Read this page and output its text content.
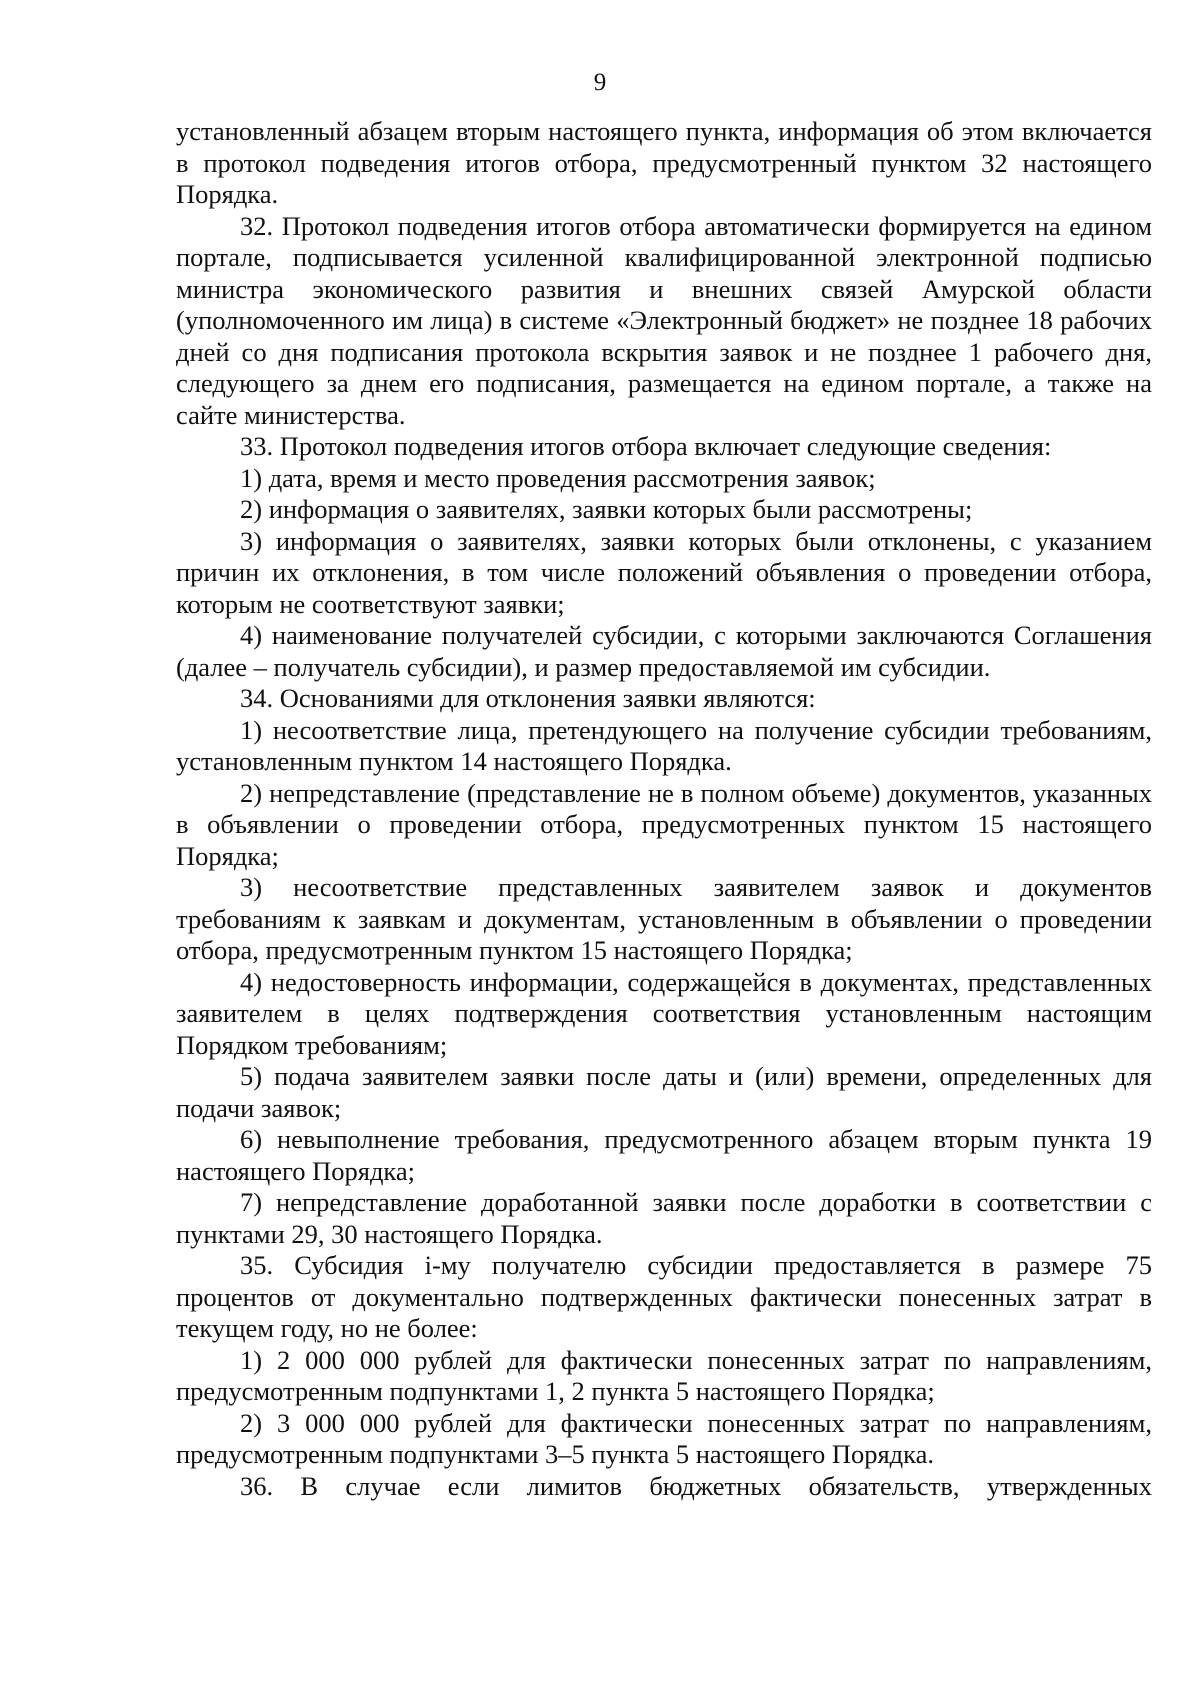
9

установленный абзацем вторым настоящего пункта, информация об этом включается в протокол подведения итогов отбора, предусмотренный пунктом 32 настоящего Порядка.

32. Протокол подведения итогов отбора автоматически формируется на едином портале, подписывается усиленной квалифицированной электронной подписью министра экономического развития и внешних связей Амурской области (уполномоченного им лица) в системе «Электронный бюджет» не позднее 18 рабочих дней со дня подписания протокола вскрытия заявок и не позднее 1 рабочего дня, следующего за днем его подписания, размещается на едином портале, а также на сайте министерства.

33. Протокол подведения итогов отбора включает следующие сведения:

1) дата, время и место проведения рассмотрения заявок;

2) информация о заявителях, заявки которых были рассмотрены;

3) информация о заявителях, заявки которых были отклонены, с указанием причин их отклонения, в том числе положений объявления о проведении отбора, которым не соответствуют заявки;

4) наименование получателей субсидии, с которыми заключаются Соглашения (далее – получатель субсидии), и размер предоставляемой им субсидии.

34. Основаниями для отклонения заявки являются:

1) несоответствие лица, претендующего на получение субсидии требованиям, установленным пунктом 14 настоящего Порядка.

2) непредставление (представление не в полном объеме) документов, указанных в объявлении о проведении отбора, предусмотренных пунктом 15 настоящего Порядка;

3) несоответствие представленных заявителем заявок и документов требованиям к заявкам и документам, установленным в объявлении о проведении отбора, предусмотренным пунктом 15 настоящего Порядка;

4) недостоверность информации, содержащейся в документах, представленных заявителем в целях подтверждения соответствия установленным настоящим Порядком требованиям;

5) подача заявителем заявки после даты и (или) времени, определенных для подачи заявок;

6) невыполнение требования, предусмотренного абзацем вторым пункта 19 настоящего Порядка;

7) непредставление доработанной заявки после доработки в соответствии с пунктами 29, 30 настоящего Порядка.

35. Субсидия i-му получателю субсидии предоставляется в размере 75 процентов от документально подтвержденных фактически понесенных затрат в текущем году, но не более:

1) 2 000 000 рублей для фактически понесенных затрат по направлениям, предусмотренным подпунктами 1, 2 пункта 5 настоящего Порядка;

2) 3 000 000 рублей для фактически понесенных затрат по направлениям, предусмотренным подпунктами 3–5 пункта 5 настоящего Порядка.

36. В случае если лимитов бюджетных обязательств, утвержденных
